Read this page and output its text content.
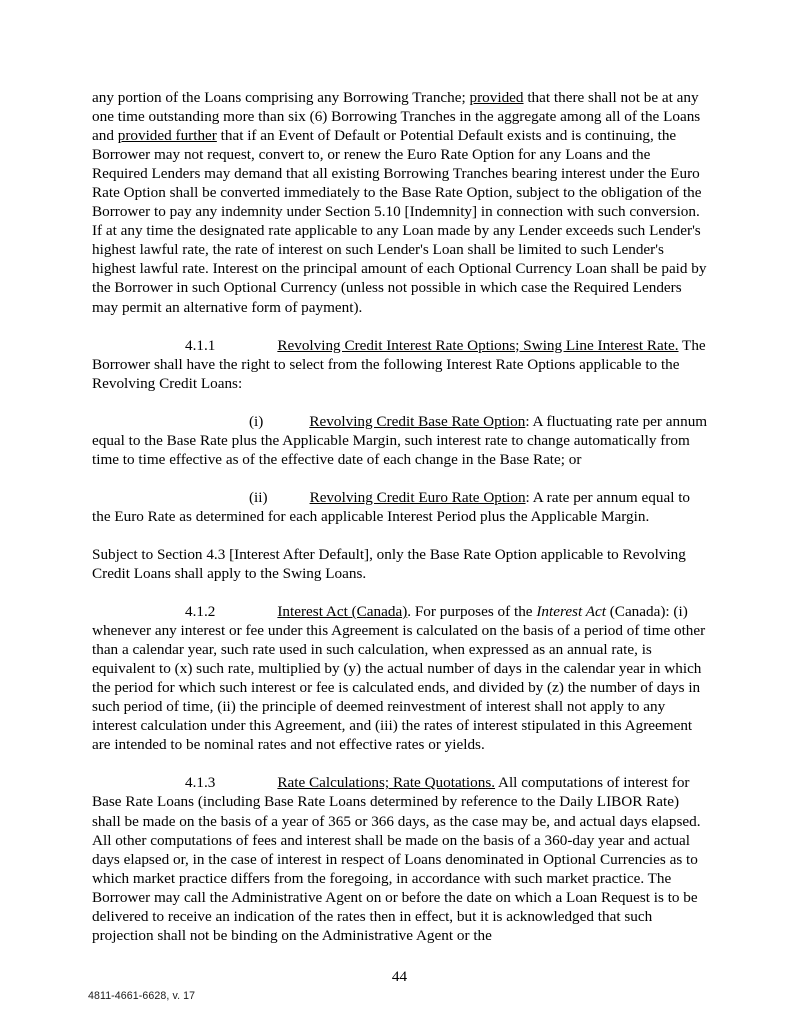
any portion of the Loans comprising any Borrowing Tranche; provided that there shall not be at any one time outstanding more than six (6) Borrowing Tranches in the aggregate among all of the Loans and provided further that if an Event of Default or Potential Default exists and is continuing, the Borrower may not request, convert to, or renew the Euro Rate Option for any Loans and the Required Lenders may demand that all existing Borrowing Tranches bearing interest under the Euro Rate Option shall be converted immediately to the Base Rate Option, subject to the obligation of the Borrower to pay any indemnity under Section 5.10 [Indemnity] in connection with such conversion. If at any time the designated rate applicable to any Loan made by any Lender exceeds such Lender's highest lawful rate, the rate of interest on such Lender's Loan shall be limited to such Lender's highest lawful rate. Interest on the principal amount of each Optional Currency Loan shall be paid by the Borrower in such Optional Currency (unless not possible in which case the Required Lenders may permit an alternative form of payment).

4.1.1	Revolving Credit Interest Rate Options; Swing Line Interest Rate. The Borrower shall have the right to select from the following Interest Rate Options applicable to the Revolving Credit Loans:

(i)	Revolving Credit Base Rate Option: A fluctuating rate per annum equal to the Base Rate plus the Applicable Margin, such interest rate to change automatically from time to time effective as of the effective date of each change in the Base Rate; or

(ii)	Revolving Credit Euro Rate Option: A rate per annum equal to the Euro Rate as determined for each applicable Interest Period plus the Applicable Margin.

Subject to Section 4.3 [Interest After Default], only the Base Rate Option applicable to Revolving Credit Loans shall apply to the Swing Loans.

4.1.2	Interest Act (Canada). For purposes of the Interest Act (Canada): (i) whenever any interest or fee under this Agreement is calculated on the basis of a period of time other than a calendar year, such rate used in such calculation, when expressed as an annual rate, is equivalent to (x) such rate, multiplied by (y) the actual number of days in the calendar year in which the period for which such interest or fee is calculated ends, and divided by (z) the number of days in such period of time, (ii) the principle of deemed reinvestment of interest shall not apply to any interest calculation under this Agreement, and (iii) the rates of interest stipulated in this Agreement are intended to be nominal rates and not effective rates or yields.

4.1.3	Rate Calculations; Rate Quotations. All computations of interest for Base Rate Loans (including Base Rate Loans determined by reference to the Daily LIBOR Rate) shall be made on the basis of a year of 365 or 366 days, as the case may be, and actual days elapsed. All other computations of fees and interest shall be made on the basis of a 360-day year and actual days elapsed or, in the case of interest in respect of Loans denominated in Optional Currencies as to which market practice differs from the foregoing, in accordance with such market practice. The Borrower may call the Administrative Agent on or before the date on which a Loan Request is to be delivered to receive an indication of the rates then in effect, but it is acknowledged that such projection shall not be binding on the Administrative Agent or the

44
4811-4661-6628, v. 17
